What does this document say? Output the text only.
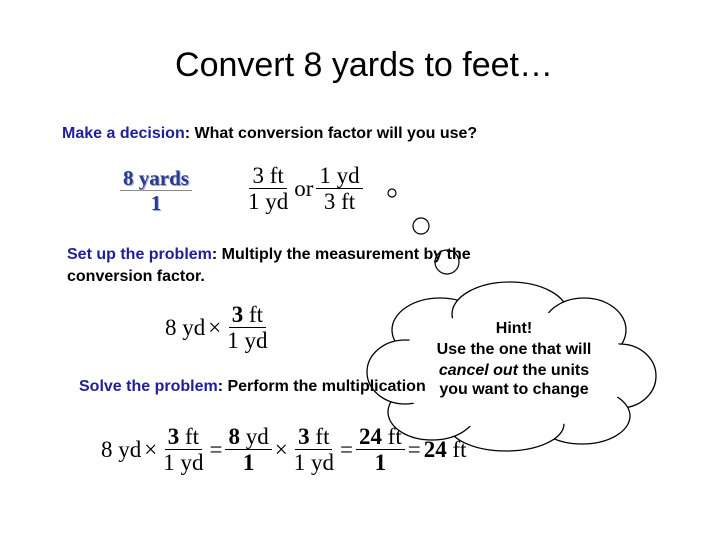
Convert 8 yards to feet…
Make a decision: What conversion factor will you use?
$\frac{\text{8 yards}}{1} \frac{3 ft}{1 yd}$ or $\frac{1 yd}{3 ft}$
Set up the problem: Multiply the measurement by the
conversion factor.
8 yd × $\frac{3 ft}{1 yd}$	Hint!
Use the one that will
cancel out the units
you want to change
Solve the problem: Perform the multiplication
8 yd × $\frac{3 ft}{1 yd} = \frac{8 yd}{1} \times \frac{3 ft}{1 yd} = \frac{24 ft}{1} = 24$ ft
